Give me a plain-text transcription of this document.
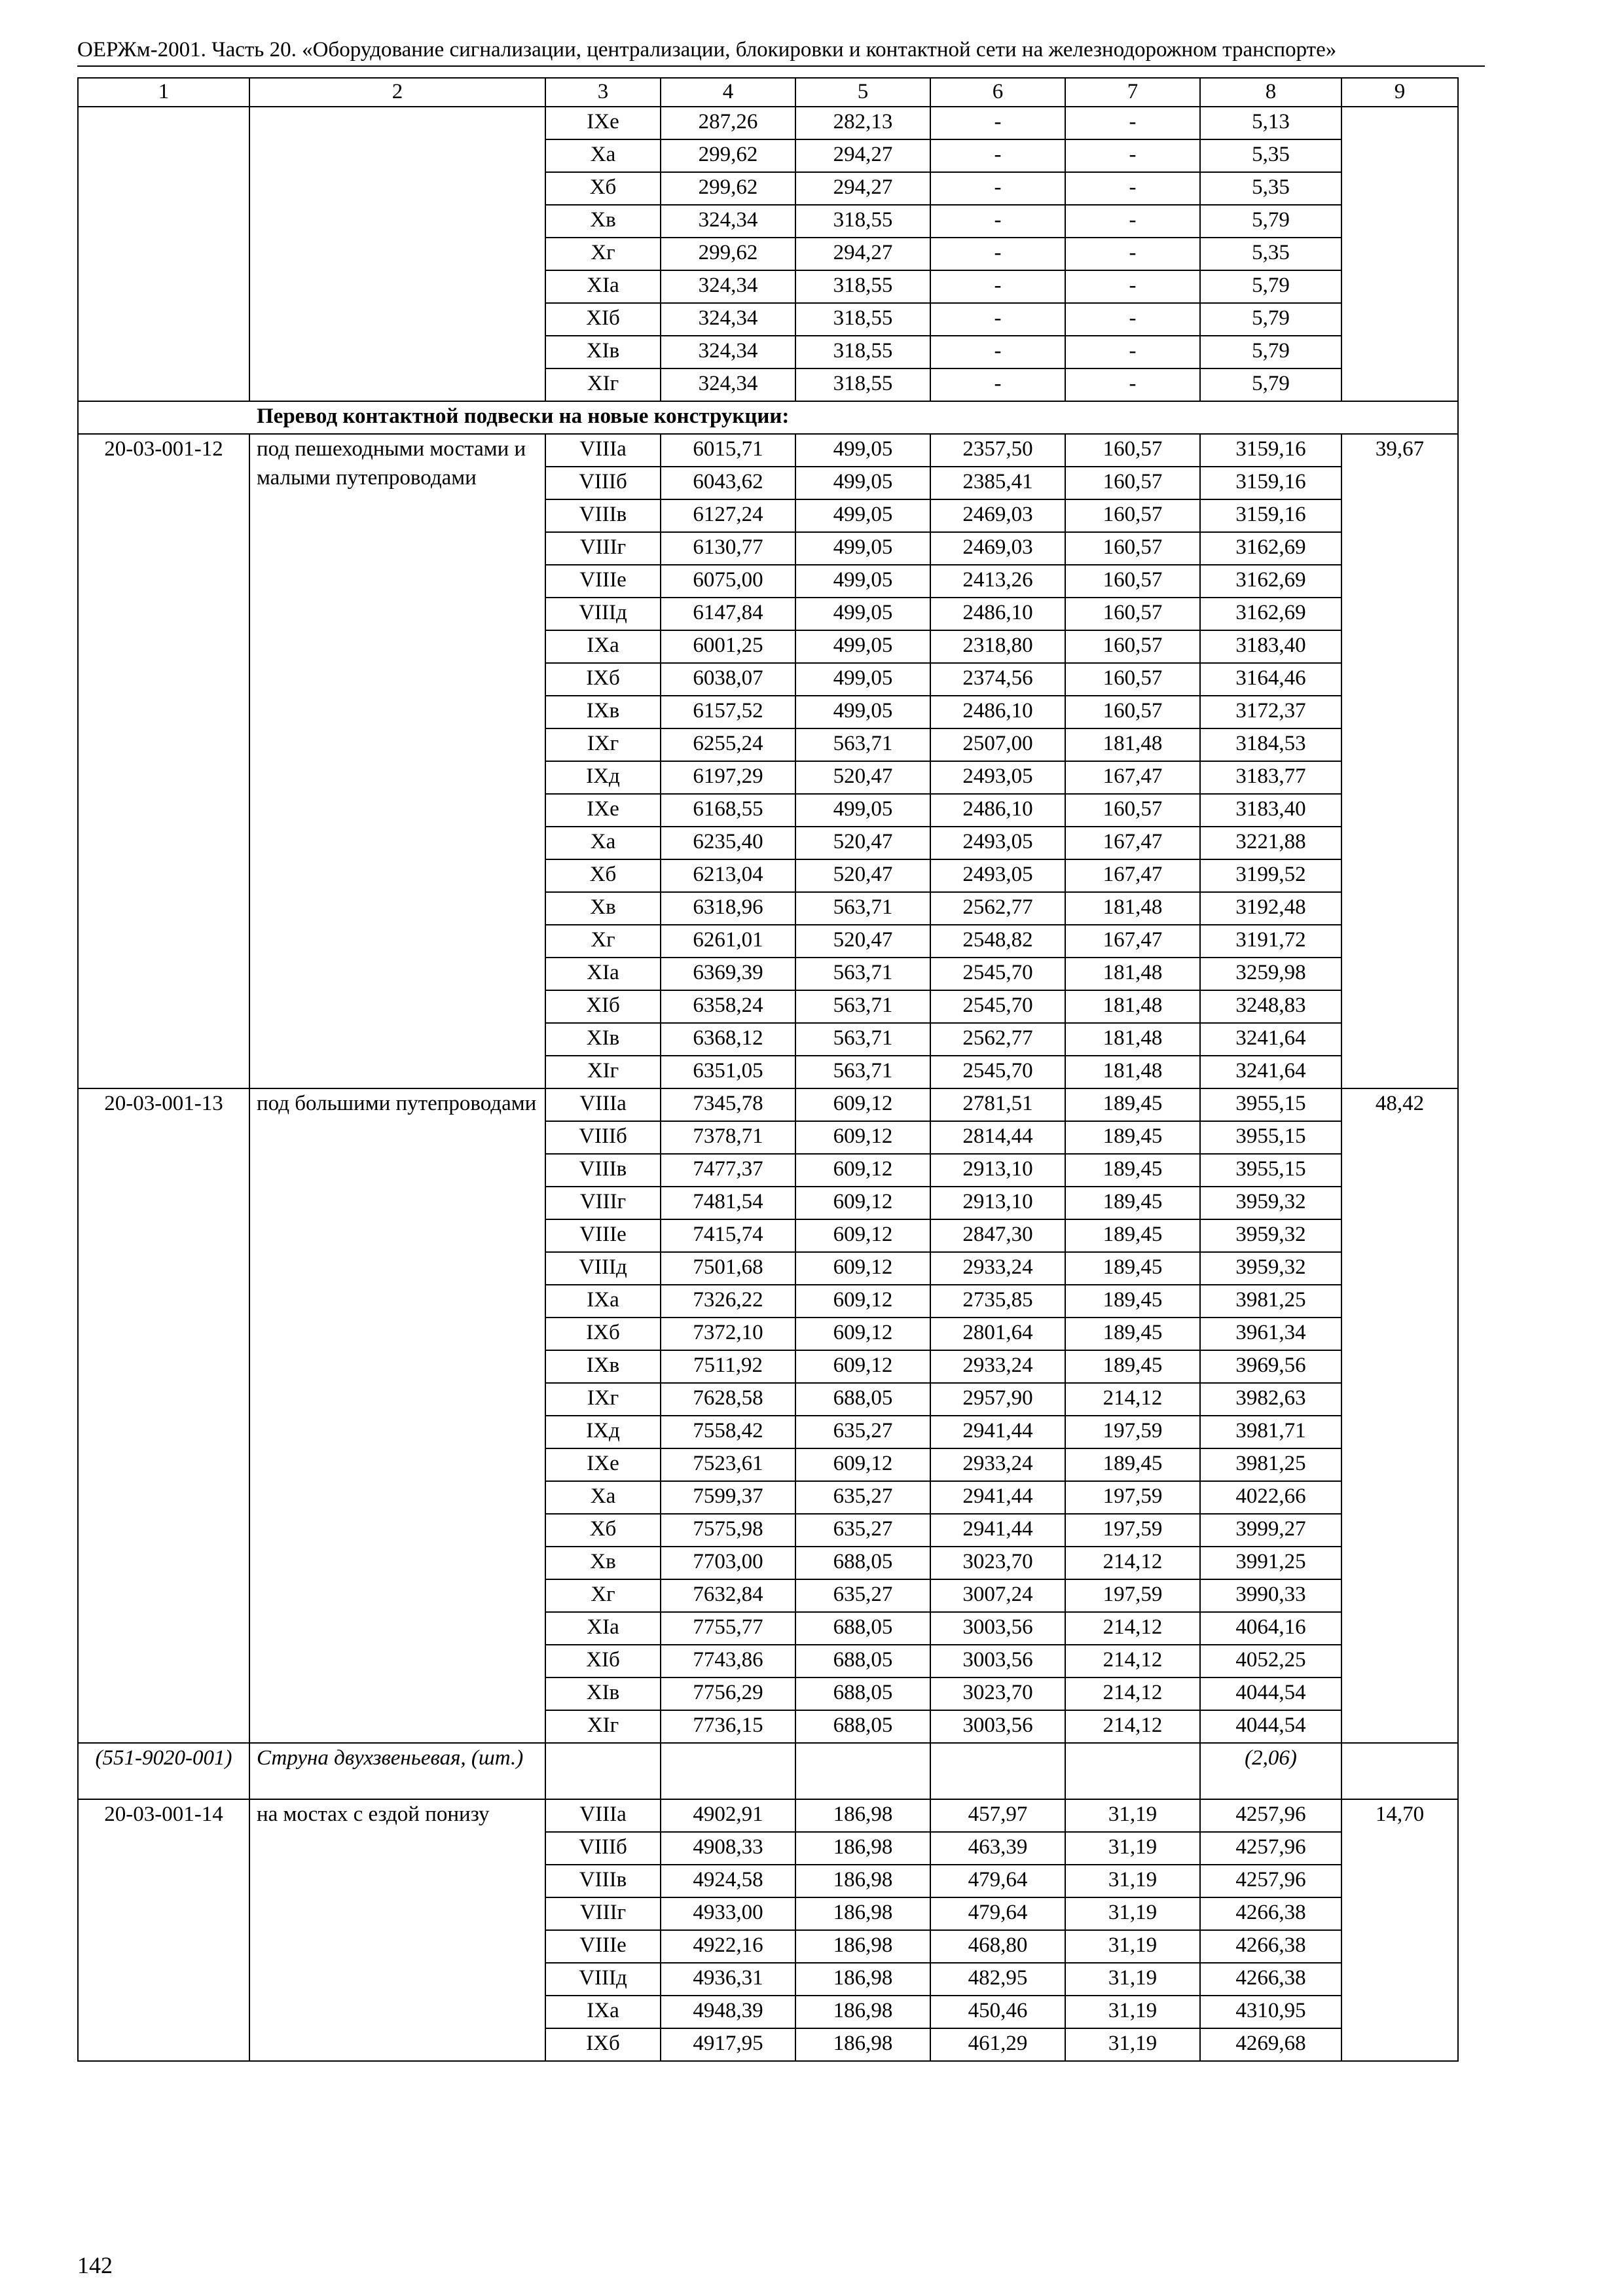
ОЕРЖм-2001. Часть 20. «Оборудование сигнализации, централизации, блокировки и контактной сети на железнодорожном транспорте»
1	2	3	4	5	6	7	8	9
		IXе	287,26	282,13	-	-	5,13	
		Xа	299,62	294,27	-	-	5,35	
		Xб	299,62	294,27	-	-	5,35	
		Xв	324,34	318,55	-	-	5,79	
		Xг	299,62	294,27	-	-	5,35	
		XIа	324,34	318,55	-	-	5,79	
		XIб	324,34	318,55	-	-	5,79	
		XIв	324,34	318,55	-	-	5,79	
		XIг	324,34	318,55	-	-	5,79	
Перевод контактной подвески на новые конструкции:								
20-03-001-12	под пешеходными мостами и малыми путепроводами	VIIIа	6015,71	499,05	2357,50	160,57	3159,16	39,67
		VIIIб	6043,62	499,05	2385,41	160,57	3159,16	
		VIIIв	6127,24	499,05	2469,03	160,57	3159,16	
		VIIIг	6130,77	499,05	2469,03	160,57	3162,69	
		VIIIе	6075,00	499,05	2413,26	160,57	3162,69	
		VIIIд	6147,84	499,05	2486,10	160,57	3162,69	
		IXа	6001,25	499,05	2318,80	160,57	3183,40	
		IXб	6038,07	499,05	2374,56	160,57	3164,46	
		IXв	6157,52	499,05	2486,10	160,57	3172,37	
		IXг	6255,24	563,71	2507,00	181,48	3184,53	
		IXд	6197,29	520,47	2493,05	167,47	3183,77	
		IXе	6168,55	499,05	2486,10	160,57	3183,40	
		Xа	6235,40	520,47	2493,05	167,47	3221,88	
		Xб	6213,04	520,47	2493,05	167,47	3199,52	
		Xв	6318,96	563,71	2562,77	181,48	3192,48	
		Xг	6261,01	520,47	2548,82	167,47	3191,72	
		XIа	6369,39	563,71	2545,70	181,48	3259,98	
		XIб	6358,24	563,71	2545,70	181,48	3248,83	
		XIв	6368,12	563,71	2562,77	181,48	3241,64	
		XIг	6351,05	563,71	2545,70	181,48	3241,64	
20-03-001-13	под большими путепроводами	VIIIа	7345,78	609,12	2781,51	189,45	3955,15	48,42
		VIIIб	7378,71	609,12	2814,44	189,45	3955,15	
		VIIIв	7477,37	609,12	2913,10	189,45	3955,15	
		VIIIг	7481,54	609,12	2913,10	189,45	3959,32	
		VIIIе	7415,74	609,12	2847,30	189,45	3959,32	
		VIIIд	7501,68	609,12	2933,24	189,45	3959,32	
		IXа	7326,22	609,12	2735,85	189,45	3981,25	
		IXб	7372,10	609,12	2801,64	189,45	3961,34	
		IXв	7511,92	609,12	2933,24	189,45	3969,56	
		IXг	7628,58	688,05	2957,90	214,12	3982,63	
		IXд	7558,42	635,27	2941,44	197,59	3981,71	
		IXе	7523,61	609,12	2933,24	189,45	3981,25	
		Xа	7599,37	635,27	2941,44	197,59	4022,66	
		Xб	7575,98	635,27	2941,44	197,59	3999,27	
		Xв	7703,00	688,05	3023,70	214,12	3991,25	
		Xг	7632,84	635,27	3007,24	197,59	3990,33	
		XIа	7755,77	688,05	3003,56	214,12	4064,16	
		XIб	7743,86	688,05	3003,56	214,12	4052,25	
		XIв	7756,29	688,05	3023,70	214,12	4044,54	
		XIг	7736,15	688,05	3003,56	214,12	4044,54	
(551-9020-001)	Струна двухзвеньевая, (шт.)						(2,06)	
20-03-001-14	на мостах с ездой понизу	VIIIа	4902,91	186,98	457,97	31,19	4257,96	14,70
		VIIIб	4908,33	186,98	463,39	31,19	4257,96	
		VIIIв	4924,58	186,98	479,64	31,19	4257,96	
		VIIIг	4933,00	186,98	479,64	31,19	4266,38	
		VIIIе	4922,16	186,98	468,80	31,19	4266,38	
		VIIIд	4936,31	186,98	482,95	31,19	4266,38	
		IXа	4948,39	186,98	450,46	31,19	4310,95	
		IXб	4917,95	186,98	461,29	31,19	4269,68	
142
